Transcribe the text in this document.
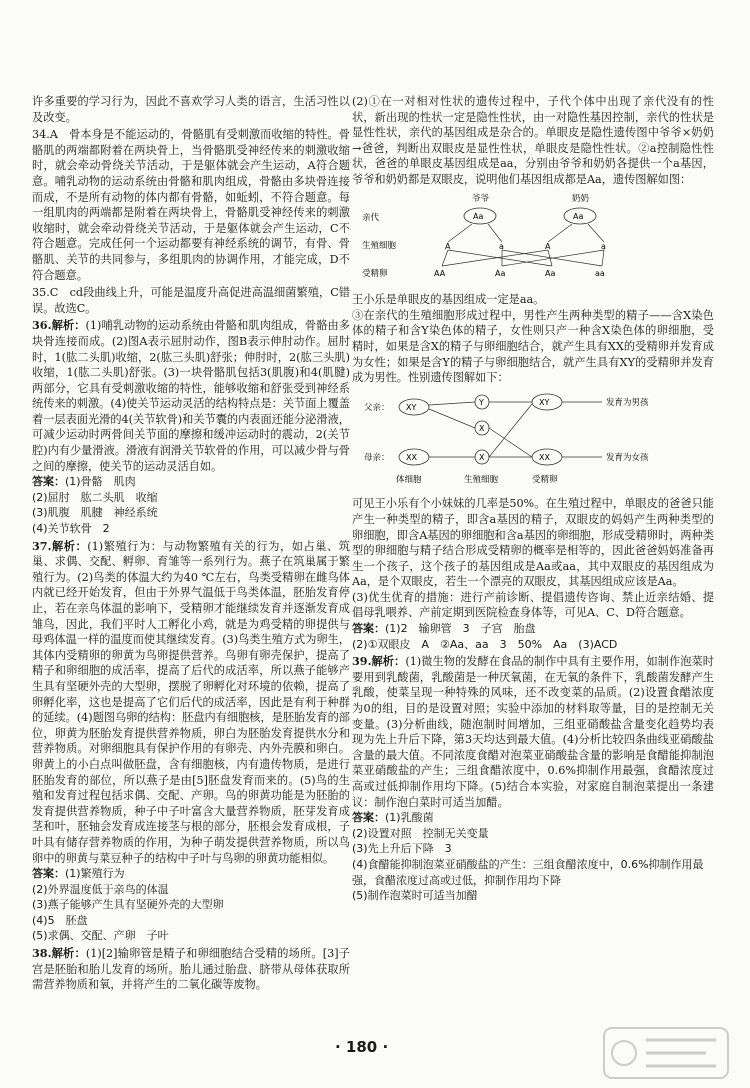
许多重要的学习行为，因此不喜欢学习人类的语言，生活习性以及改变。

34.A　骨本身是不能运动的，骨骼肌有受刺激而收缩的特性。骨骼肌的两端都附着在两块骨上，当骨骼肌受神经传来的刺激收缩时，就会牵动骨绕关节活动，于是躯体就会产生运动，A符合题意。哺乳动物的运动系统由骨骼和肌肉组成，骨骼由多块骨连接而成，不是所有动物的体内都有骨骼，如蚯蚓，不符合题意。每一组肌肉的两端都是附着在两块骨上，骨骼肌受神经传来的刺激收缩时，就会牵动骨绕关节活动，于是躯体就会产生运动，C不符合题意。完成任何一个运动都要有神经系统的调节，有骨、骨骼肌、关节的共同参与，多组肌肉的协调作用，才能完成，D不符合题意。

35.C　cd段曲线上升，可能是温度升高促进高温细菌繁殖，C错误。故选C。

36.解析：(1)哺乳动物的运动系统由骨骼和肌肉组成，骨骼由多块骨连接而成。(2)图A表示屈肘动作，图B表示伸肘动作。屈肘时，1(肱二头肌)收缩，2(肱三头肌)舒张；伸肘时，2(肱三头肌)收缩，1(肱二头肌)舒张。(3)一块骨骼肌包括3(肌腹)和4(肌腱)两部分，它具有受刺激收缩的特性，能够收缩和舒张受到神经系统传来的刺激。(4)使关节运动灵活的结构特点是：关节面上覆盖着一层表面光滑的4(关节软骨)和关节囊的内表面还能分泌滑液，可减少运动时两骨间关节面的摩擦和缓冲运动时的震动，2(关节腔)内有少量滑液。滑液有润滑关节软骨的作用，可以减少骨与骨之间的摩擦，使关节的运动灵活自如。

答案：(1)骨骼　肌肉
(2)屈肘　肱二头肌　收缩
(3)肌腹　肌腱　神经系统
(4)关节软骨　2

37.解析：(1)繁殖行为：与动物繁殖有关的行为，如占巢、筑巢、求偶、交配、孵卵、育雏等一系列行为。燕子在筑巢属于繁殖行为。(2)鸟类的体温大约为40 ℃左右，鸟类受精卵在雌鸟体内就已经开始发育，但由于外界气温低于鸟类体温，胚胎发育停止，若在亲鸟体温的影响下，受精卵才能继续发育并逐渐发育成雏鸟，因此，我们平时人工孵化小鸡，就是为鸡受精的卵提供与母鸡体温一样的温度而使其继续发育。(3)鸟类生殖方式为卵生，其体内受精卵的卵黄为鸟卵提供营养。鸟卵有卵壳保护，提高了精子和卵细胞的成活率，提高了后代的成活率，所以燕子能够产生具有坚硬外壳的大型卵，摆脱了卵孵化对环境的依赖，提高了卵孵化率，这也是提高了它们后代的成活率，因此是有利于种群的延续。(4)题图乌卵的结构：胚盘内有细胞核，是胚胎发育的部位，卵黄为胚胎发育提供营养物质，卵白为胚胎发育提供水分和营养物质。对卵细胞具有保护作用的有卵壳、内外壳膜和卵白。卵黄上的小白点叫做胚盘，含有细胞核，内有遗传物质，是进行胚胎发育的部位，所以燕子是由[5]胚盘发育而来的。(5)鸟的生殖和发育过程包括求偶、交配、产卵。鸟的卵黄功能是为胚胎的发育提供营养物质，种子中子叶富含大量营养物质，胚芽发育成茎和叶，胚轴会发育成连接茎与根的部分，胚根会发育成根，子叶具有储存营养物质的作用，为种子萌发提供营养物质，所以鸟卵中的卵黄与菜豆种子的结构中子叶与鸟卵的卵黄功能相似。

答案：(1)繁殖行为
(2)外界温度低于亲鸟的体温
(3)燕子能够产生具有坚硬外壳的大型卵
(4)5　胚盘
(5)求偶、交配、产卵　子叶

38.解析：(1)[2]输卵管是精子和卵细胞结合受精的场所。[3]子宫是胚胎和胎儿发育的场所。胎儿通过胎盘、脐带从母体获取所需营养物质和氧，并将产生的二氧化碳等废物。

(2)①在一对相对性状的遗传过程中，子代个体中出现了亲代没有的性状，新出现的性状一定是隐性性状，由一对隐性基因控制，亲代的性状是显性性状，亲代的基因组成是杂合的。单眼皮是隐性遗传图中爷爷×奶奶→爸爸，判断出双眼皮是显性性状，单眼皮是隐性性状。②a控制隐性性状，爸爸的单眼皮基因组成是aa，分别由爷爷和奶奶各提供一个a基因，爷爷和奶奶都是双眼皮，说明他们基因组成都是Aa，遗传图解如图：

爷爷	奶奶
亲代
生殖细胞
受精卵
Aa	Aa
A	a	A	a
AA	Aa	Aa	aa

王小乐是单眼皮的基因组成一定是aa。

③在亲代的生殖细胞形成过程中，男性产生两种类型的精子——含X染色体的精子和含Y染色体的精子，女性则只产一种含X染色体的卵细胞，受精时，如果是含X的精子与卵细胞结合，就产生具有XX的受精卵并发育成为女性；如果是含Y的精子与卵细胞结合，就产生具有XY的受精卵并发育成为男性。性别遗传图解如下：

父亲：
母亲：
XY
XX
Y
X
X
XY
XX
发育为男孩
发育为女孩
体细胞	生殖细胞	受精卵

可见王小乐有个小妹妹的几率是50%。在生殖过程中，单眼皮的爸爸只能产生一种类型的精子，即含a基因的精子，双眼皮的妈妈产生两种类型的卵细胞，即含A基因的卵细胞和含a基因的卵细胞，形成受精卵时，两种类型的卵细胞与精子结合形成受精卵的概率是相等的，因此爸爸妈妈准备再生一个孩子，这个孩子的基因组成是Aa或aa，其中双眼皮的基因组成为Aa，是个双眼皮，若生一个漂亮的双眼皮，其基因组成应该是Aa。

(3)优生优育的措施：进行产前诊断、提倡遗传咨询、禁止近亲结婚、提倡母乳喂养、产前定期到医院检查身体等，可见A、C、D符合题意。

答案：(1)2　输卵管　3　子宫　胎盘
(2)①双眼皮　A　②Aa、aa　3　50%　Aa　(3)ACD

39.解析：(1)微生物的发酵在食品的制作中具有主要作用，如制作泡菜时要用到乳酸菌，乳酸菌是一种厌氧菌，在无氧的条件下，乳酸菌发酵产生乳酸，使菜呈现一种特殊的风味，还不改变菜的品质。(2)设置食醋浓度为0的组，目的是设置对照；实验中添加的材料取等量，目的是控制无关变量。(3)分析曲线，随泡制时间增加，三组亚硝酸盐含量变化趋势均表现为先上升后下降，第3天均达到最大值。(4)分析比较四条曲线亚硝酸盐含量的最大值。不同浓度食醋对泡菜亚硝酸盐含量的影响是食醋能抑制泡菜亚硝酸盐的产生；三组食醋浓度中，0.6%抑制作用最强，食醋浓度过高或过低抑制作用均下降。(5)结合本实验，对家庭自制泡菜提出一条建议：制作泡白菜时可适当加醋。

答案：(1)乳酸菌
(2)设置对照　控制无关变量
(3)先上升后下降　3
(4)食醋能抑制泡菜亚硝酸盐的产生：三组食醋浓度中，0.6%抑制作用最强，食醋浓度过高或过低，抑制作用均下降
(5)制作泡菜时可适当加醋
· 180 ·
